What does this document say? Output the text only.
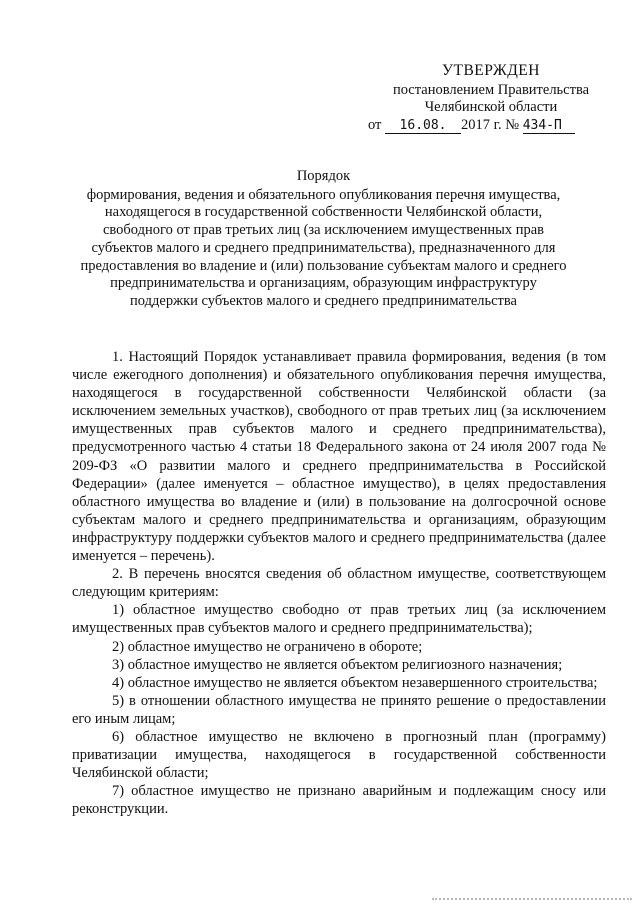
УТВЕРЖДЕН
постановлением Правительства
Челябинской области
от 16.08. 2017 г. № 434-П
Порядок
формирования, ведения и обязательного опубликования перечня имущества,
находящегося в государственной собственности Челябинской области,
свободного от прав третьих лиц (за исключением имущественных прав
субъектов малого и среднего предпринимательства), предназначенного для
предоставления во владение и (или) пользование субъектам малого и среднего
предпринимательства и организациям, образующим инфраструктуру
поддержки субъектов малого и среднего предпринимательства

1. Настоящий Порядок устанавливает правила формирования, ведения (в том числе ежегодного дополнения) и обязательного опубликования перечня имущества, находящегося в государственной собственности Челябинской области (за исключением земельных участков), свободного от прав третьих лиц (за исключением имущественных прав субъектов малого и среднего предпринимательства), предусмотренного частью 4 статьи 18 Федерального закона от 24 июля 2007 года № 209-ФЗ «О развитии малого и среднего предпринимательства в Российской Федерации» (далее именуется – областное имущество), в целях предоставления областного имущества во владение и (или) в пользование на долгосрочной основе субъектам малого и среднего предпринимательства и организациям, образующим инфраструктуру поддержки субъектов малого и среднего предпринимательства (далее именуется – перечень).

2. В перечень вносятся сведения об областном имуществе, соответствующем следующим критериям:

1) областное имущество свободно от прав третьих лиц (за исключением имущественных прав субъектов малого и среднего предпринимательства);

2) областное имущество не ограничено в обороте;

3) областное имущество не является объектом религиозного назначения;

4) областное имущество не является объектом незавершенного строительства;

5) в отношении областного имущества не принято решение о предоставлении его иным лицам;

6) областное имущество не включено в прогнозный план (программу) приватизации имущества, находящегося в государственной собственности Челябинской области;

7) областное имущество не признано аварийным и подлежащим сносу или реконструкции.
